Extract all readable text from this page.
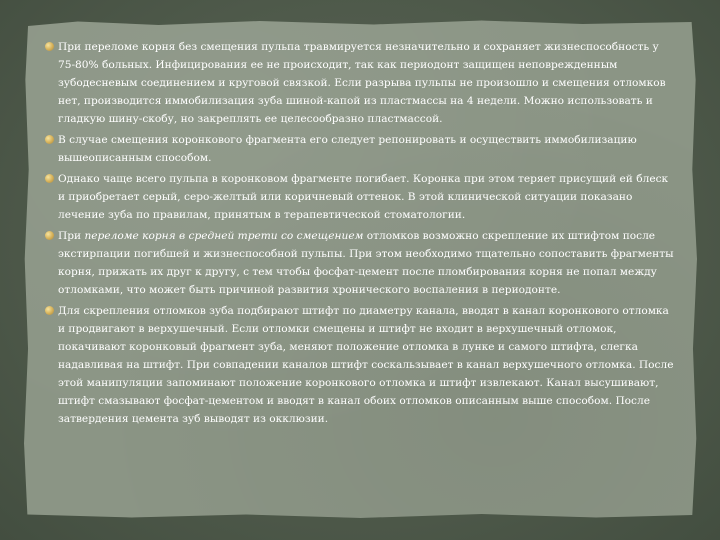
При переломе корня без смещения пульпа травмируется незначительно и сохраняет жизнеспособность у 75-80% больных. Инфицирования ее не происходит, так как периодонт защищен неповрежденным зубодесневым соединением и круговой связкой. Если разрыва пульпы не произошло и смещения отломков нет, производится иммобилизация зуба шиной-капой из пластмассы на 4 недели. Можно использовать и гладкую шину-скобу, но закреплять ее целесообразно пластмассой.
В случае смещения коронкового фрагмента его следует репонировать и осуществить иммобилизацию вышеописанным способом.
Однако чаще всего пульпа в коронковом фрагменте погибает. Коронка при этом теряет присущий ей блеск и приобретает серый, серо-желтый или коричневый оттенок. В этой клинической ситуации показано лечение зуба по правилам, принятым в терапевтической стоматологии.
При переломе корня в средней трети со смещением отломков возможно скрепление их штифтом после экстирпации погибшей и жизнеспособной пульпы. При этом необходимо тщательно сопоставить фрагменты корня, прижать их друг к другу, с тем чтобы фосфат-цемент после пломбирования корня не попал между отломками, что может быть причиной развития хронического воспаления в периодонте.
Для скрепления отломков зуба подбирают штифт по диаметру канала, вводят в канал коронкового отломка и продвигают в верхушечный. Если отломки смещены и штифт не входит в верхушечный отломок, покачивают коронковый фрагмент зуба, меняют положение отломка в лунке и самого штифта, слегка надавливая на штифт. При совпадении каналов штифт соскальзывает в канал верхушечного отломка. После этой манипуляции запоминают положение коронкового отломка и штифт извлекают. Канал высушивают, штифт смазывают фосфат-цементом и вводят в канал обоих отломков описанным выше способом. После затвердения цемента зуб выводят из окклюзии.
